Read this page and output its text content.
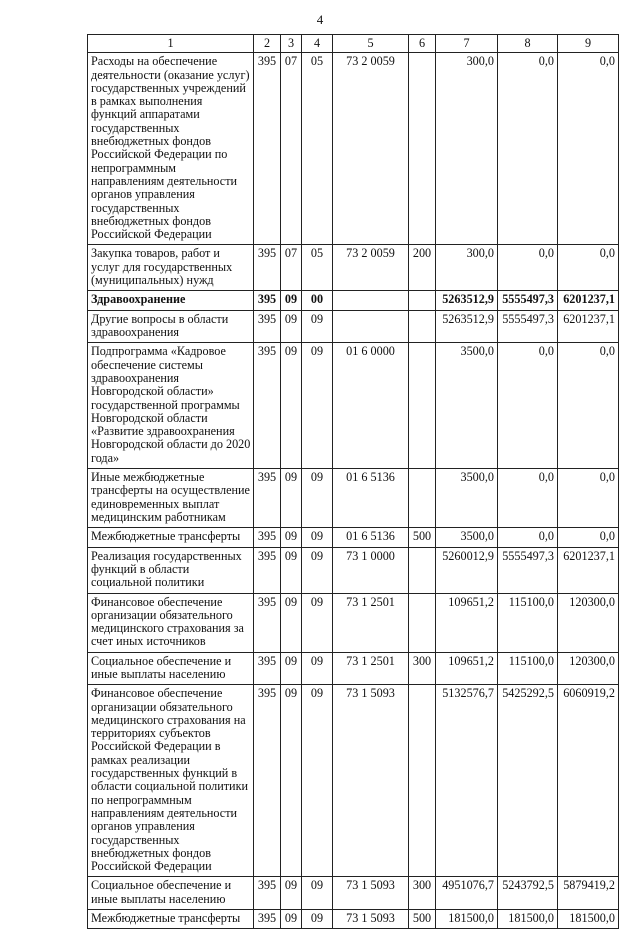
4
1	2	3	4	5	6	7	8	9
Расходы на обеспечение деятельности (оказание услуг) государственных учреждений в рамках выполнения функций аппаратами государственных внебюджетных фондов Российской Федерации по непрограммным направлениям деятельности органов управления государственных внебюджетных фондов Российской Федерации	395	07	05	73 2 0059		300,0	0,0	0,0
Закупка товаров, работ и услуг для государственных (муниципальных) нужд	395	07	05	73 2 0059	200	300,0	0,0	0,0
Здравоохранение	395	09	00			5263512,9	5555497,3	6201237,1
Другие вопросы в области здравоохранения	395	09	09			5263512,9	5555497,3	6201237,1
Подпрограмма «Кадровое обеспечение системы здравоохранения Новгородской области» государственной программы Новгородской области «Развитие здравоохранения Новгородской области до 2020 года»	395	09	09	01 6 0000		3500,0	0,0	0,0
Иные межбюджетные трансферты на осуществление единовременных выплат медицинским работникам	395	09	09	01 6 5136		3500,0	0,0	0,0
Межбюджетные трансферты	395	09	09	01 6 5136	500	3500,0	0,0	0,0
Реализация государственных функций в области социальной политики	395	09	09	73 1 0000		5260012,9	5555497,3	6201237,1
Финансовое обеспечение организации обязательного медицинского страхования за счет иных источников	395	09	09	73 1 2501		109651,2	115100,0	120300,0
Социальное обеспечение и иные выплаты населению	395	09	09	73 1 2501	300	109651,2	115100,0	120300,0
Финансовое обеспечение организации обязательного медицинского страхования на территориях субъектов Российской Федерации в рамках реализации государственных функций в области социальной политики по непрограммным направлениям деятельности органов управления государственных внебюджетных фондов Российской Федерации	395	09	09	73 1 5093		5132576,7	5425292,5	6060919,2
Социальное обеспечение и иные выплаты населению	395	09	09	73 1 5093	300	4951076,7	5243792,5	5879419,2
Межбюджетные трансферты	395	09	09	73 1 5093	500	181500,0	181500,0	181500,0
